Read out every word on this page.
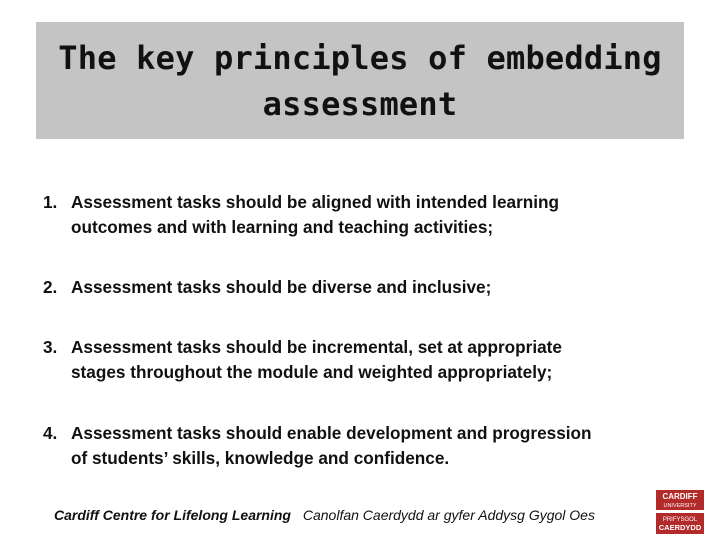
The key principles of embedding
assessment
1. Assessment tasks should be aligned with intended learning
outcomes and with learning and teaching activities;
2. Assessment tasks should be diverse and inclusive;
3. Assessment tasks should be incremental, set at appropriate
stages throughout the module and weighted appropriately;
4. Assessment tasks should enable development and progression
of students’ skills, knowledge and confidence.
Cardiff Centre for Lifelong Learning Canolfan Caerdydd ar gyfer Addysg Gygol Oes
CARDIFF
UNIVERSITY
PRIFYSGOL
CAERDYDD
